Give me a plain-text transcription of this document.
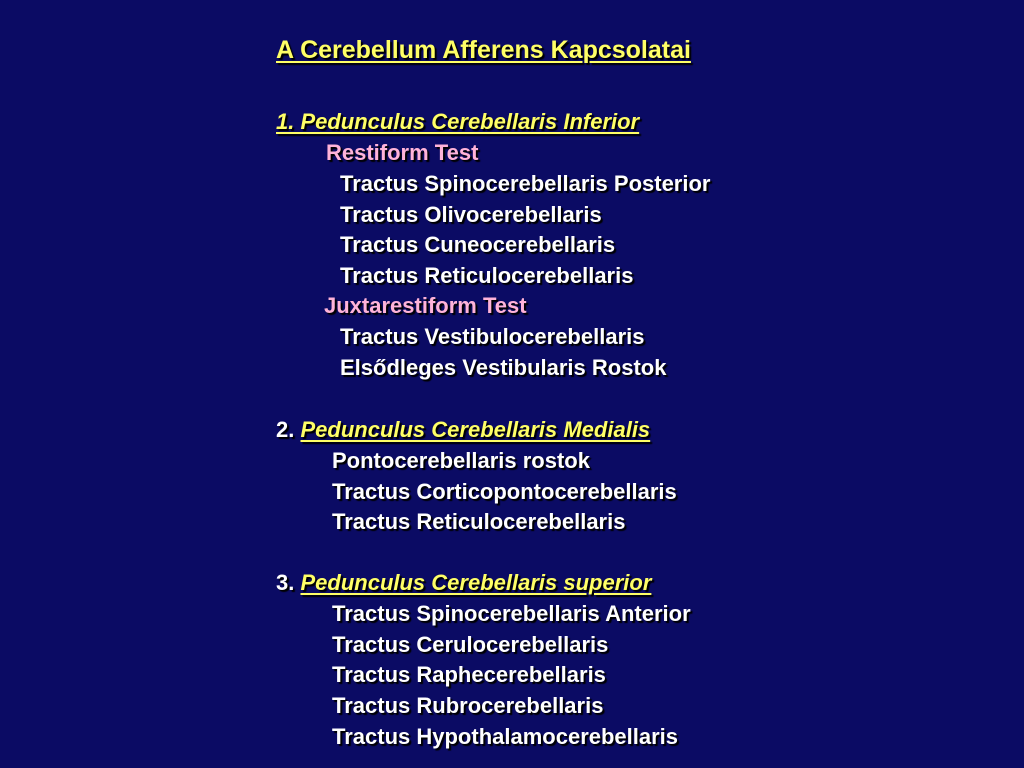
A Cerebellum Afferens Kapcsolatai
1. Pedunculus Cerebellaris Inferior
Restiform Test
Tractus Spinocerebellaris Posterior
Tractus Olivocerebellaris
Tractus Cuneocerebellaris
Tractus Reticulocerebellaris
Juxtarestiform Test
Tractus Vestibulocerebellaris
Elsődleges Vestibularis Rostok
2. Pedunculus Cerebellaris Medialis
Pontocerebellaris rostok
Tractus Corticopontocerebellaris
Tractus Reticulocerebellaris
3. Pedunculus Cerebellaris superior
Tractus Spinocerebellaris Anterior
Tractus Cerulocerebellaris
Tractus Raphecerebellaris
Tractus Rubrocerebellaris
Tractus Hypothalamocerebellaris
